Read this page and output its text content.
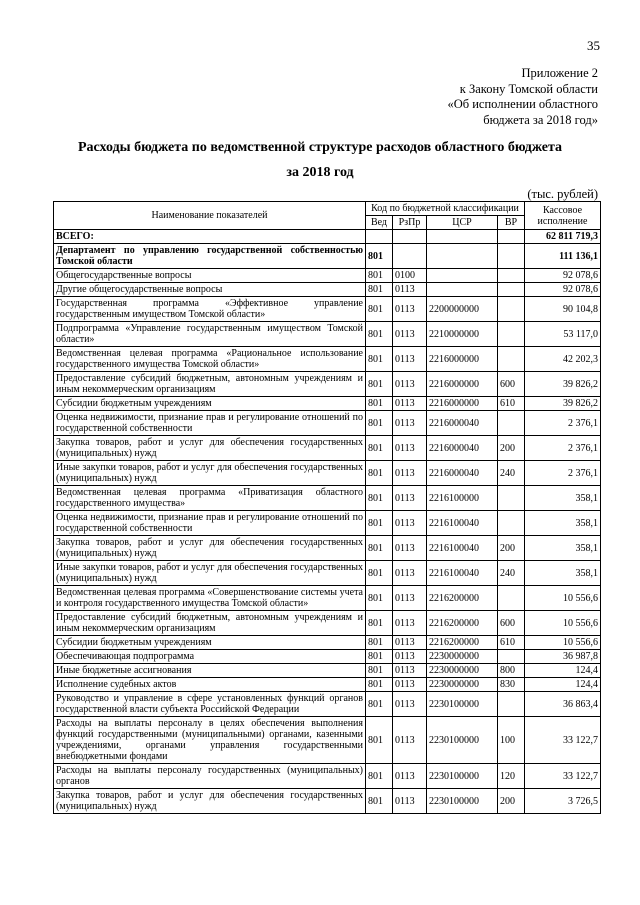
35
Приложение 2
к Закону Томской области
«Об исполнении областного
бюджета за 2018 год»
Расходы бюджета по ведомственной структуре расходов областного бюджета
за 2018 год
(тыс. рублей)
Наименование показателей	Код по бюджетной классификации				Кассовое исполнение
	Вед	РзПр	ЦСР	ВР	
ВСЕГО:					62 811 719,3
Департамент по управлению государственной собственностью Томской области	801				111 136,1
Общегосударственные вопросы	801	0100			92 078,6
Другие общегосударственные вопросы	801	0113			92 078,6
Государственная программа «Эффективное управление государственным имуществом Томской области»	801	0113	2200000000		90 104,8
Подпрограмма «Управление государственным имуществом Томской области»	801	0113	2210000000		53 117,0
Ведомственная целевая программа «Рациональное использование государственного имущества Томской области»	801	0113	2216000000		42 202,3
Предоставление субсидий бюджетным, автономным учреждениям и иным некоммерческим организациям	801	0113	2216000000	600	39 826,2
Субсидии бюджетным учреждениям	801	0113	2216000000	610	39 826,2
Оценка недвижимости, признание прав и регулирование отношений по государственной собственности	801	0113	2216000040		2 376,1
Закупка товаров, работ и услуг для обеспечения государственных (муниципальных) нужд	801	0113	2216000040	200	2 376,1
Иные закупки товаров, работ и услуг для обеспечения государственных (муниципальных) нужд	801	0113	2216000040	240	2 376,1
Ведомственная целевая программа «Приватизация областного государственного имущества»	801	0113	2216100000		358,1
Оценка недвижимости, признание прав и регулирование отношений по государственной собственности	801	0113	2216100040		358,1
Закупка товаров, работ и услуг для обеспечения государственных (муниципальных) нужд	801	0113	2216100040	200	358,1
Иные закупки товаров, работ и услуг для обеспечения государственных (муниципальных) нужд	801	0113	2216100040	240	358,1
Ведомственная целевая программа «Совершенствование системы учета и контроля государственного имущества Томской области»	801	0113	2216200000		10 556,6
Предоставление субсидий бюджетным, автономным учреждениям и иным некоммерческим организациям	801	0113	2216200000	600	10 556,6
Субсидии бюджетным учреждениям	801	0113	2216200000	610	10 556,6
Обеспечивающая подпрограмма	801	0113	2230000000		36 987,8
Иные бюджетные ассигнования	801	0113	2230000000	800	124,4
Исполнение судебных актов	801	0113	2230000000	830	124,4
Руководство и управление в сфере установленных функций органов государственной власти субъекта Российской Федерации	801	0113	2230100000		36 863,4
Расходы на выплаты персоналу в целях обеспечения выполнения функций государственными (муниципальными) органами, казенными учреждениями, органами управления государственными внебюджетными фондами	801	0113	2230100000	100	33 122,7
Расходы на выплаты персоналу государственных (муниципальных) органов	801	0113	2230100000	120	33 122,7
Закупка товаров, работ и услуг для обеспечения государственных (муниципальных) нужд	801	0113	2230100000	200	3 726,5
